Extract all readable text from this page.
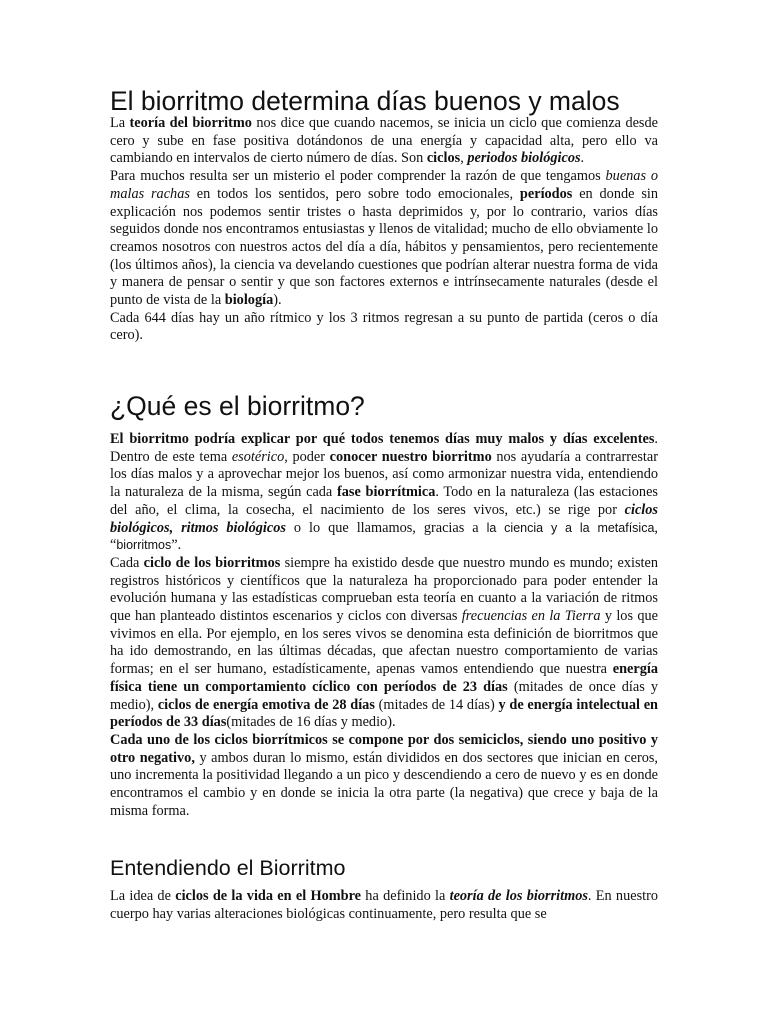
El biorritmo determina días buenos y malos

La teoría del biorritmo nos dice que cuando nacemos, se inicia un ciclo que comienza desde cero y sube en fase positiva dotándonos de una energía y capacidad alta, pero ello va cambiando en intervalos de cierto número de días. Son ciclos, periodos biológicos.

Para muchos resulta ser un misterio el poder comprender la razón de que tengamos buenas o malas rachas en todos los sentidos, pero sobre todo emocionales, períodos en donde sin explicación nos podemos sentir tristes o hasta deprimidos y, por lo contrario, varios días seguidos donde nos encontramos entusiastas y llenos de vitalidad; mucho de ello obviamente lo creamos nosotros con nuestros actos del día a día, hábitos y pensamientos, pero recientemente (los últimos años), la ciencia va develando cuestiones que podrían alterar nuestra forma de vida y manera de pensar o sentir y que son factores externos e intrínsecamente naturales (desde el punto de vista de la biología).

Cada 644 días hay un año rítmico y los 3 ritmos regresan a su punto de partida (ceros o día cero).

¿Qué es el biorritmo?

El biorritmo podría explicar por qué todos tenemos días muy malos y días excelentes. Dentro de este tema esotérico, poder conocer nuestro biorritmo nos ayudaría a contrarrestar los días malos y a aprovechar mejor los buenos, así como armonizar nuestra vida, entendiendo la naturaleza de la misma, según cada fase biorrítmica. Todo en la naturaleza (las estaciones del año, el clima, la cosecha, el nacimiento de los seres vivos, etc.) se rige por ciclos biológicos, ritmos biológicos o lo que llamamos, gracias a la ciencia y a la metafísica, “biorritmos”.

Cada ciclo de los biorritmos siempre ha existido desde que nuestro mundo es mundo; existen registros históricos y científicos que la naturaleza ha proporcionado para poder entender la evolución humana y las estadísticas comprueban esta teoría en cuanto a la variación de ritmos que han planteado distintos escenarios y ciclos con diversas frecuencias en la Tierra y los que vivimos en ella. Por ejemplo, en los seres vivos se denomina esta definición de biorritmos que ha ido demostrando, en las últimas décadas, que afectan nuestro comportamiento de varias formas; en el ser humano, estadísticamente, apenas vamos entendiendo que nuestra energía física tiene un comportamiento cíclico con períodos de 23 días (mitades de once días y medio), ciclos de energía emotiva de 28 días (mitades de 14 días) y de energía intelectual en períodos de 33 días(mitades de 16 días y medio).

Cada uno de los ciclos biorrítmicos se compone por dos semiciclos, siendo uno positivo y otro negativo, y ambos duran lo mismo, están divididos en dos sectores que inician en ceros, uno incrementa la positividad llegando a un pico y descendiendo a cero de nuevo y es en donde encontramos el cambio y en donde se inicia la otra parte (la negativa) que crece y baja de la misma forma.

Entendiendo el Biorritmo

La idea de ciclos de la vida en el Hombre ha definido la teoría de los biorritmos. En nuestro cuerpo hay varias alteraciones biológicas continuamente, pero resulta que se
